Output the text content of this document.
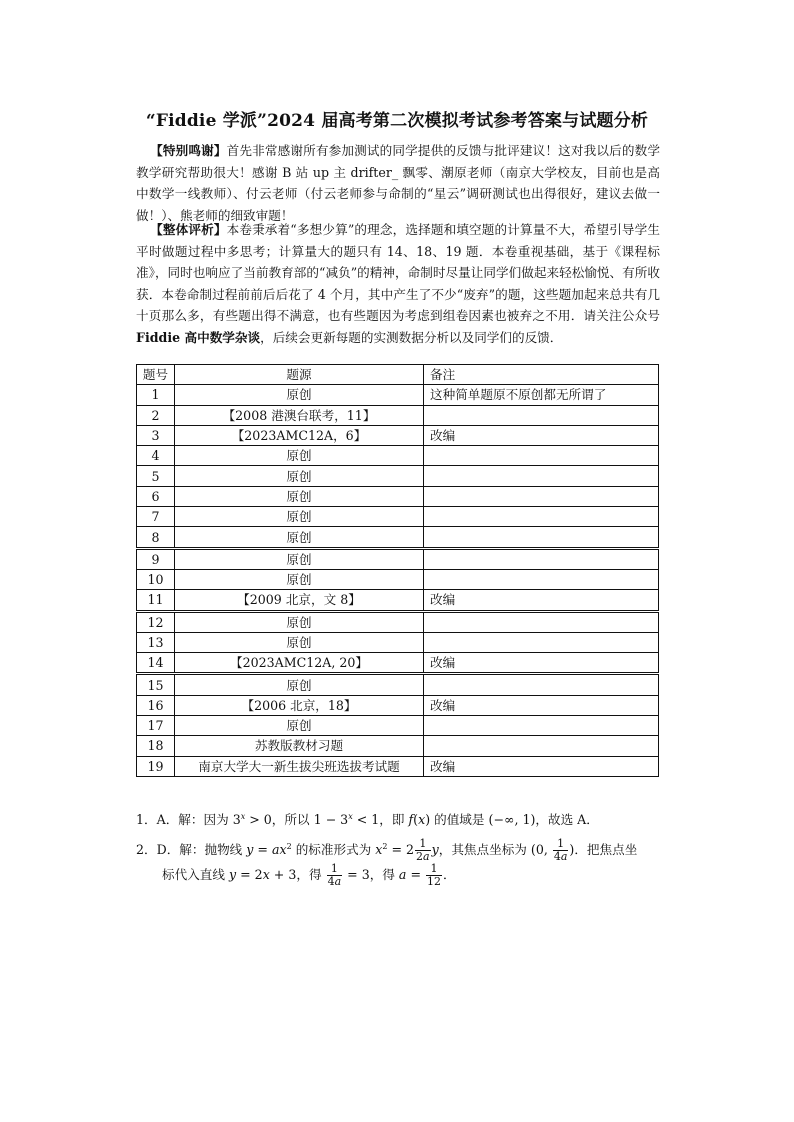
“Fiddie 学派”2024 届高考第二次模拟考试参考答案与试题分析
【特别鸣谢】首先非常感谢所有参加测试的同学提供的反馈与批评建议！这对我以后的数学教学研究帮助很大！感谢 B 站 up 主 drifter_ 飘零、潮原老师（南京大学校友，目前也是高中数学一线教师）、付云老师（付云老师参与命制的“星云”调研测试也出得很好，建议去做一做！）、熊老师的细致审题！
【整体评析】本卷秉承着“多想少算”的理念，选择题和填空题的计算量不大，希望引导学生平时做题过程中多思考；计算量大的题只有 14、18、19 题．本卷重视基础，基于《课程标准》，同时也响应了当前教育部的“减负”的精神，命制时尽量让同学们做起来轻松愉悦、有所收获．本卷命制过程前前后后花了 4 个月，其中产生了不少“废弃”的题，这些题加起来总共有几十页那么多，有些题出得不满意，也有些题因为考虑到组卷因素也被弃之不用．请关注公众号 Fiddie 高中数学杂谈，后续会更新每题的实测数据分析以及同学们的反馈．
题号	题源	备注
1	原创	这种简单题原不原创都无所谓了
2	【2008 港澳台联考，11】	
3	【2023AMC12A，6】	改编
4	原创	
5	原创	
6	原创	
7	原创	
8	原创	
9	原创	
10	原创	
11	【2009 北京，文 8】	改编
12	原创	
13	原创	
14	【2023AMC12A, 20】	改编
15	原创	
16	【2006 北京，18】	改编
17	原创	
18	苏教版教材习题	
19	南京大学大一新生拔尖班选拔考试题	改编
1．A．解：因为 $3^x > 0$，所以 $1 - 3^x < 1$，即 f(x) 的值域是 (−∞, 1)，故选 A．
2．D．解：抛物线 $y = ax^2$ 的标准形式为 $x^2 = 2 \frac{1}{2a}$ y，其焦点坐标为 (0, $\frac{1}{4a}$ )．把焦点坐
标代入直线 y = 2x + 3，得 $\frac{1}{4a} = 3$，得 $a = \frac{1}{12}$ ．
